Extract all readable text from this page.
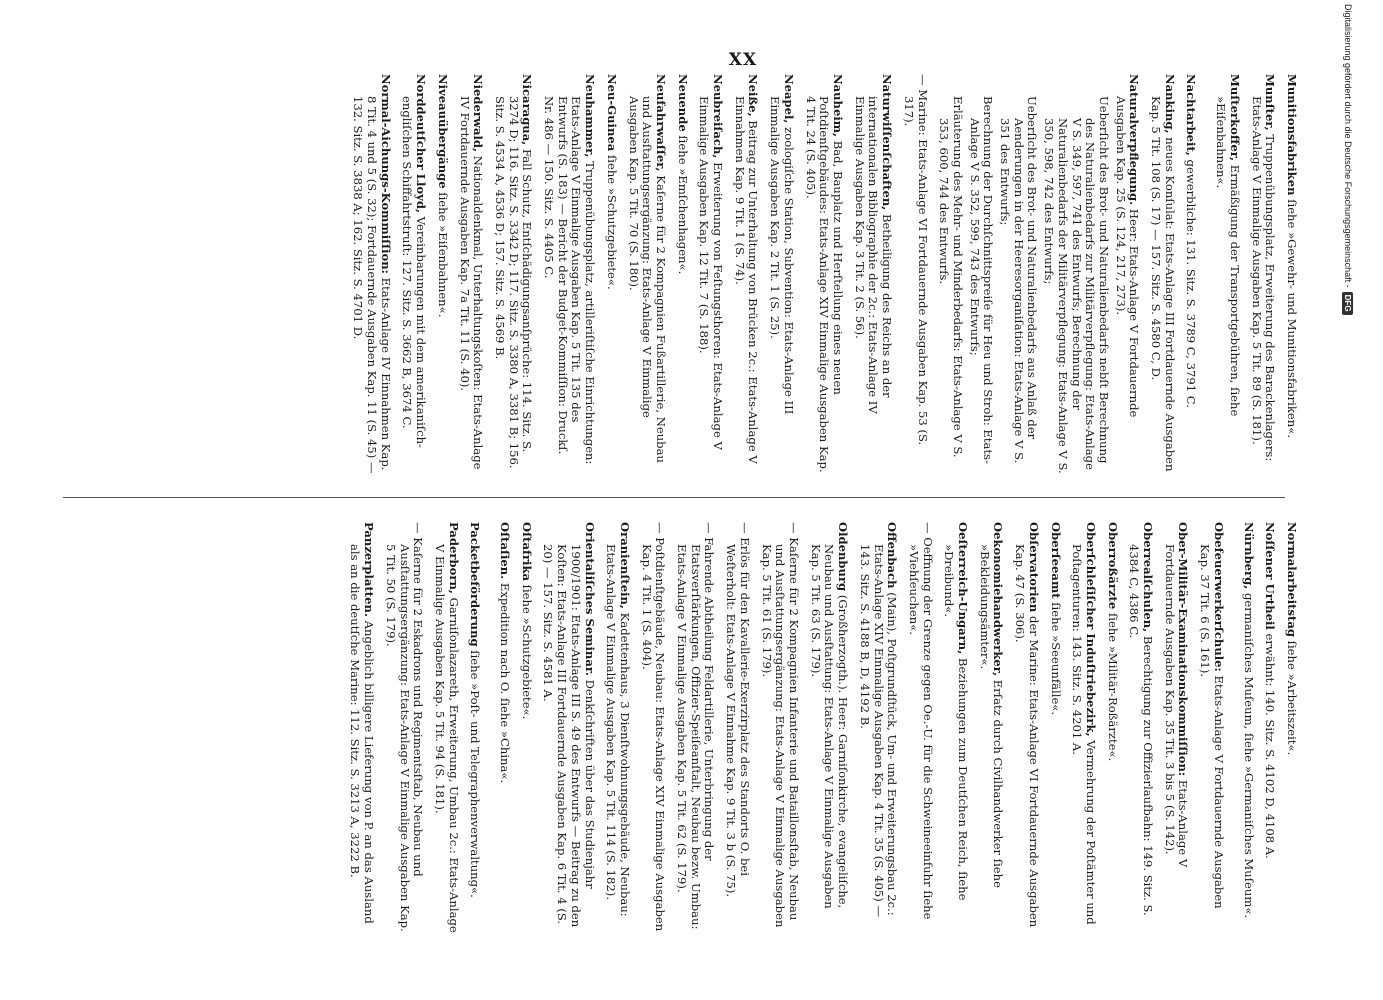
Digitalisierung gefördert durch die Deutsche Forschungsgemeinschaft -DFG
XX

Munitionsfabriken ſiehe »Gewehr- und Munitionsfabriken«.

Munſter, Truppenübungsplatz, Erweiterung des Barackenlagers: Etats-Anlage V Einmalige Ausgaben Kap. 5 Tit. 89 (S. 181).

Muſterkoffer, Ermäßigung der Transportgebühren, ſiehe »Eiſenbahnen«.

Nachtarbeit, gewerbliche: 131. Sitz. S. 3789 C, 3791 C.

Nanking, neues Konſulat: Etats-Anlage III Fortdauernde Ausgaben Kap. 5 Tit. 108 (S. 17) — 157. Sitz. S. 4580 C, D.

Naturalverpflegung. Heer: Etats-Anlage V Fortdauernde Ausgaben Kap. 25 (S. 124, 217, 273).

Ueberſicht des Brot- und Naturalienbedarfs nebſt Berechnung des Naturalienbedarfs zur Militärverpflegung: Etats-Anlage V S. 349, 597, 741 des Entwurfs; Berechnung der Naturalienbedarfs der Militärverpflegung: Etats-Anlage V S. 350, 598, 742 des Entwurfs;

Ueberſicht des Brot- und Naturalienbedarfs aus Anlaß der Aenderungen in der Heeresorganiſation: Etats-Anlage V S. 351 des Entwurfs;

Berechnung der Durchſchnittspreiſe für Heu und Stroh: Etats-Anlage V S. 352, 599, 743 des Entwurfs;

Erläuterung des Mehr- und Minderbedarfs: Etats-Anlage V S. 353, 600, 744 des Entwurfs.

— Marine: Etats-Anlage VI Fortdauernde Ausgaben Kap. 53 (S. 317).

Naturwiſſenſchaften, Betheiligung des Reichs an der internationalen Bibliographie der 2c.: Etats-Anlage IV Einmalige Ausgaben Kap. 3 Tit. 2 (S. 56).

Nauheim, Bad, Bauplatz und Herſtellung eines neuen Poſtdienſtgebäudes: Etats-Anlage XIV Einmalige Ausgaben Kap. 4 Tit. 24 (S. 405).

Neapel, zoologiſche Station, Subvention: Etats-Anlage III Einmalige Ausgaben Kap. 2 Tit. 1 (S. 25).

Neiße, Beitrag zur Unterhaltung von Brücken 2c.: Etats-Anlage V Einnahmen Kap. 9 Tit. 1 (S. 74).

Neubreiſach, Erweiterung von Feſtungsthoren: Etats-Anlage V Einmalige Ausgaben Kap. 12 Tit. 7 (S. 188).

Neuende ſiehe »Emſchenhagen«.

Neufahrwaſſer, Kaſerne für 2 Kompagnien Fußartillerie, Neubau und Ausſtattungsergänzung: Etats-Anlage V Einmalige Ausgaben Kap. 5 Tit. 70 (S. 180).

Neu-Guinea ſiehe »Schutzgebiete«.

Neuhammer, Truppenübungsplatz, artilleriſtiſche Einrichtungen: Etats-Anlage V Einmalige Ausgaben Kap. 5 Tit. 135 des Entwurfs (S. 183) — Bericht der Budget-Kommiſſion: Druckſ. Nr. 486 — 150. Sitz. S. 4405 C.

Nicaragua, Fall Schutz, Entſchädigungsanſprüche: 114. Sitz. S. 3274 D; 116. Sitz. S. 3342 D; 117. Sitz. S. 3380 A, 3381 B; 156. Sitz. S. 4534 A, 4536 D; 157. Sitz. S. 4569 B.

Niederwald, Nationaldenkmal, Unterhaltungskoſten: Etats-Anlage IV Fortdauernde Ausgaben Kap. 7a Tit. 11 (S. 40).

Niveauübergänge ſiehe »Eiſenbahnen«.

Norddeutſcher Lloyd, Vereinbarungen mit dem amerikaniſch-engliſchen Schiffahrtstruſt: 127. Sitz. S. 3662 B, 3674 C.

Normal-Aichungs-Kommiſſion: Etats-Anlage IV Einnahmen Kap. 8 Tit. 4 und 5 (S. 32); Fortdauernde Ausgaben Kap. 11 (S. 45) — 132. Sitz. S. 3838 A; 162. Sitz. S. 4701 D.

Normalarbeitstag ſiehe »Arbeitszeit«.

Noſſener Urtheil erwähnt: 140. Sitz. S. 4102 D, 4108 A.

Nürnberg, germaniſches Muſeum, ſiehe »Germaniſches Muſeum«.

Obefeuerwerkerſchule: Etats-Anlage V Fortdauernde Ausgaben Kap. 37 Tit. 6 (S. 161).

Ober-Militär-Examinationskommiſſion: Etats-Anlage V Fortdauernde Ausgaben Kap. 35 Tit. 3 bis 5 (S. 142).

Oberrealſchulen, Berechtigung zur Offizierlaufbahn: 149. Sitz. S. 4384 C, 4386 C.

Oberroßärzte ſiehe »Militär-Roßärzte«.

Oberſchleſiſcher Induſtriebezirk, Vermehrung der Poſtämter und Poſtagenturen: 143. Sitz. S. 4201 A.

Oberſeeamt ſiehe »Seeunfälle«.

Obſervatorien der Marine: Etats-Anlage VI Fortdauernde Ausgaben Kap. 47 (S. 306).

Oekonomiehandwerker, Erſatz durch Civilhandwerker ſiehe »Bekleidungsämter«.

Oeſterreich-Ungarn, Beziehungen zum Deutſchen Reich, ſiehe »Dreibund«.

— Oeffnung der Grenze gegen Oe.-U. für die Schweineeinfuhr ſiehe »Viehſeuchen«.

Offenbach (Main), Poſtgrundſtück, Um- und Erweiterungsbau 2c.: Etats-Anlage XIV Einmalige Ausgaben Kap. 4 Tit. 35 (S. 405) — 143. Sitz. S. 4188 B, D, 4192 B.

Oldenburg (Großherzogth.). Heer: Garniſonkirche, evangeliſche, Neubau und Ausſtattung: Etats-Anlage V Einmalige Ausgaben Kap. 5 Tit. 63 (S. 179).

— Kaſerne für 2 Kompagnien Infanterie und Bataillonsſtab, Neubau und Ausſtattungsergänzung: Etats-Anlage V Einmalige Ausgaben Kap. 5 Tit. 61 (S. 179).

— Erlös für den Kavallerie-Exerzirplatz des Standorts O. bei Weſterholt: Etats-Anlage V Einnahme Kap. 9 Tit. 3 b (S. 75).

— Fahrende Abtheilung Feldartillerie, Unterbringung der Etatsverſtärkungen, Offizier-Speiſeanſtalt, Neubau bezw. Umbau: Etats-Anlage V Einmalige Ausgaben Kap. 5 Tit. 62 (S. 179).

— Poſtdienſtgebäude, Neubau: Etats-Anlage XIV Einmalige Ausgaben Kap. 4 Tit. 1 (S. 404).

Oranienſtein, Kadettenhaus, 3 Dienſtwohnungsgebäude, Neubau: Etats-Anlage V Einmalige Ausgaben Kap. 5 Tit. 114 (S. 182).

Orientaliſches Seminar. Denkſchriften über das Studienjahr 1900/1901: Etats-Anlage III S. 49 des Entwurfs — Beitrag zu den Koſten: Etats-Anlage III Fortdauernde Ausgaben Kap. 6 Tit. 4 (S. 20) — 157. Sitz. S. 4581 A.

Oſtafrika ſiehe »Schutzgebiete«.

Oſtaſien. Expedition nach O. ſiehe »China«.

Packetbeförderung ſiehe »Poſt- und Telegraphenverwaltung«.

Paderborn, Garniſonlazareth, Erweiterung, Umbau 2c.: Etats-Anlage V Einmalige Ausgaben Kap. 5 Tit. 94 (S. 181).

— Kaſerne für 2 Eskadrons und Regimentsſtab, Neubau und Ausſtattungsergänzung: Etats-Anlage V Einmalige Ausgaben Kap. 5 Tit. 50 (S. 179).

Panzerplatten. Angeblich billigere Lieferung von P. an das Ausland als an die deutſche Marine: 112. Sitz. S. 3213 A, 3222 B.
